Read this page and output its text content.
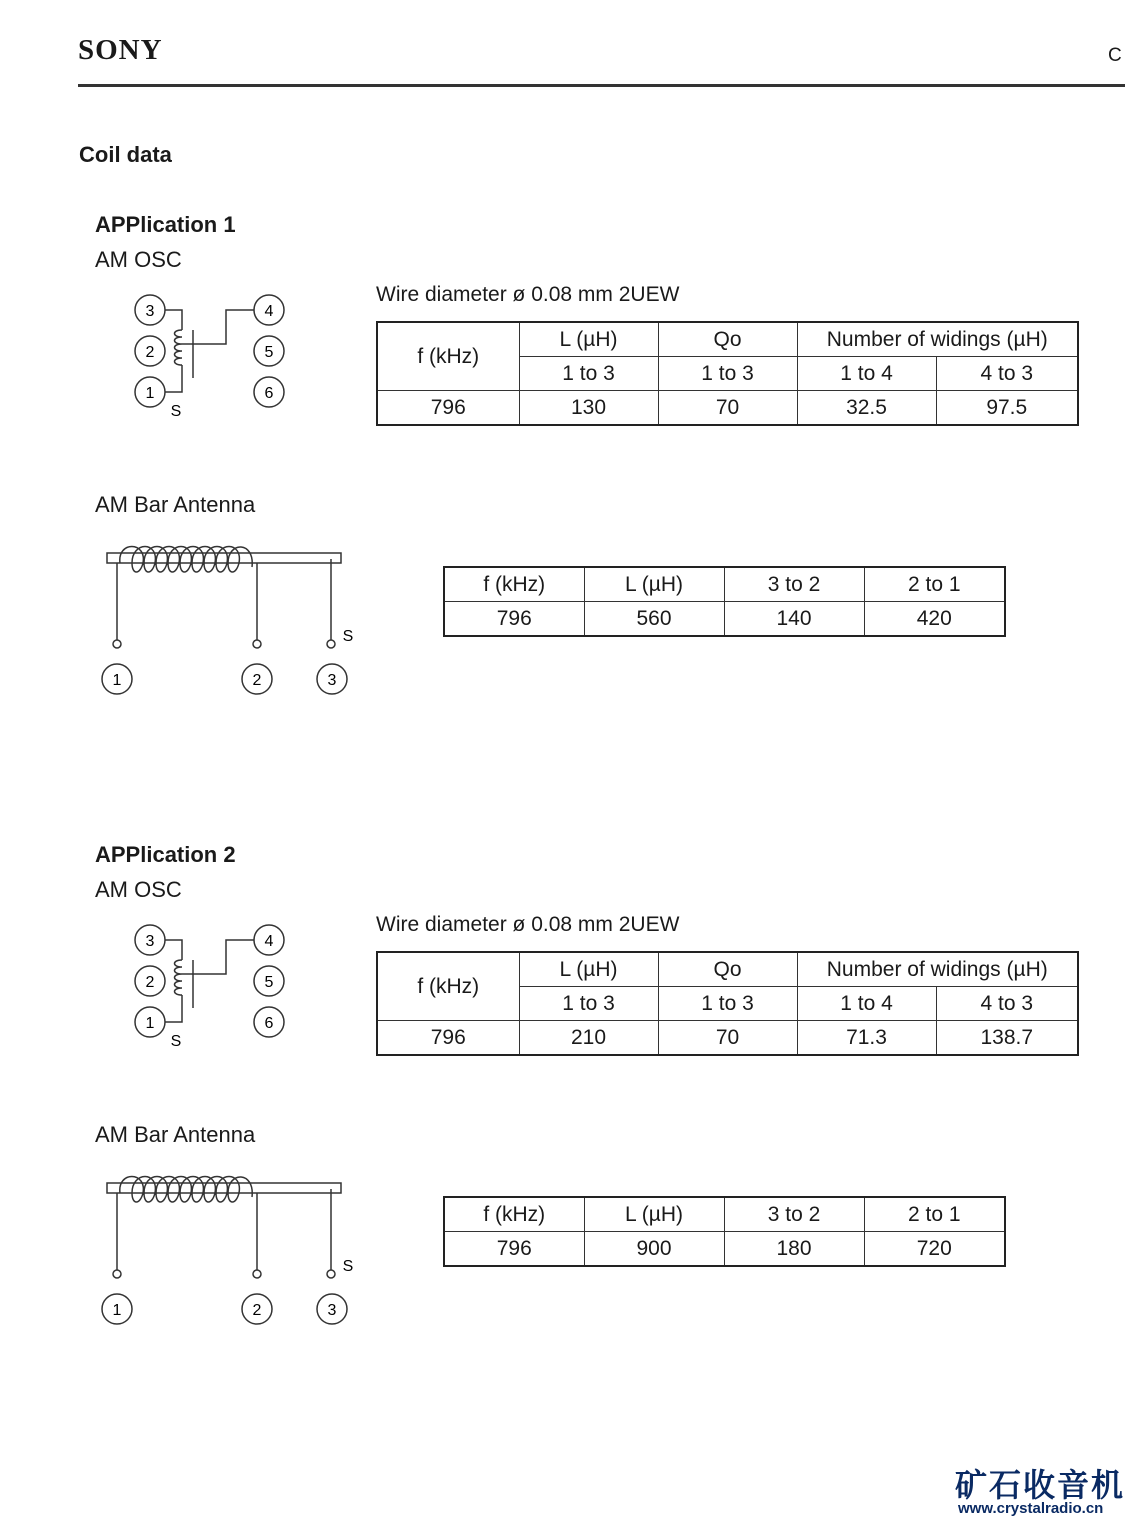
SONY	C
Coil data
APPlication 1
AM OSC
3
2
1
4
5
6
S
Wire diameter ø 0.08 mm 2UEW
f (kHz)	L (µH)	Qo	Number of widings (µH)	
	1 to 3	1 to 3	1 to 4	4 to 3
796	130	70	32.5	97.5
AM Bar Antenna
1	2	3
S
f (kHz)	L (µH)	3 to 2	2 to 1
796	560	140	420
APPlication 2
AM OSC
3
2
1
4
5
6
S
Wire diameter ø 0.08 mm 2UEW
f (kHz)	L (µH)	Qo	Number of widings (µH)	
	1 to 3	1 to 3	1 to 4	4 to 3
796	210	70	71.3	138.7
AM Bar Antenna
1	2	3
S
f (kHz)	L (µH)	3 to 2	2 to 1
796	900	180	720
矿石收音机
www.crystalradio.cn
